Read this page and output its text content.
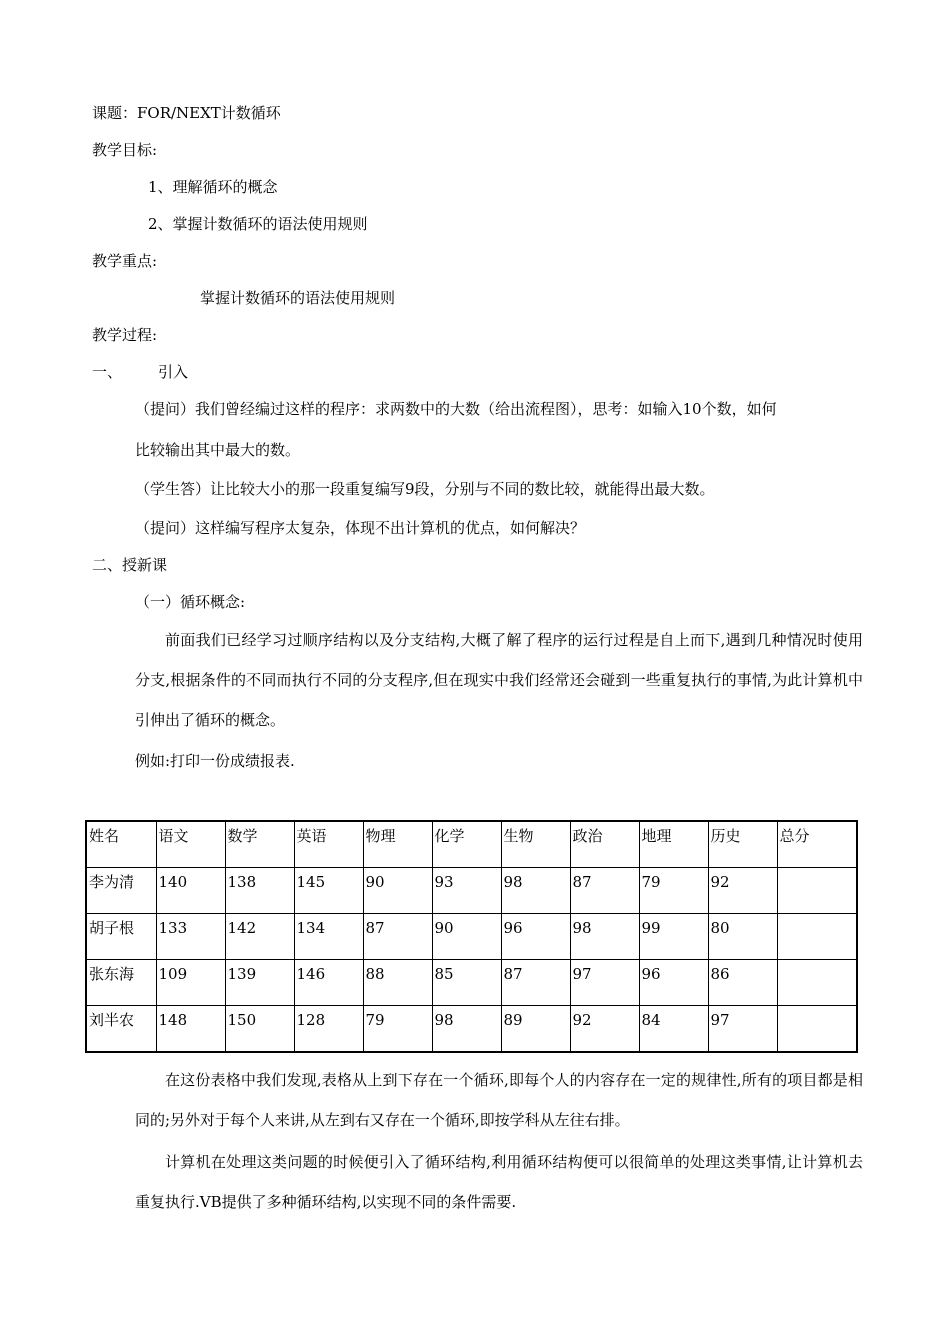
课题：FOR/NEXT计数循环
教学目标:
1、理解循环的概念
2、掌握计数循环的语法使用规则
教学重点:
掌握计数循环的语法使用规则
教学过程:
一、 引入
（提问）我们曾经编过这样的程序：求两数中的大数（给出流程图），思考：如输入10个数，如何
比较输出其中最大的数。
（学生答）让比较大小的那一段重复编写9段，分别与不同的数比较，就能得出最大数。
（提问）这样编写程序太复杂，体现不出计算机的优点，如何解决？
二、授新课
（一）循环概念:
前面我们已经学习过顺序结构以及分支结构,大概了解了程序的运行过程是自上而下,遇到几种情况时使用分支,根据条件的不同而执行不同的分支程序,但在现实中我们经常还会碰到一些重复执行的事情,为此计算机中引伸出了循环的概念。
例如:打印一份成绩报表.
姓名	语文	数学	英语	物理	化学	生物	政治	地理	历史	总分
李为清	140	138	145	90	93	98	87	79	92	
胡子根	133	142	134	87	90	96	98	99	80	
张东海	109	139	146	88	85	87	97	96	86	
刘半农	148	150	128	79	98	89	92	84	97	
在这份表格中我们发现,表格从上到下存在一个循环,即每个人的内容存在一定的规律性,所有的项目都是相同的;另外对于每个人来讲,从左到右又存在一个循环,即按学科从左往右排。
计算机在处理这类问题的时候便引入了循环结构,利用循环结构便可以很简单的处理这类事情,让计算机去重复执行.VB提供了多种循环结构,以实现不同的条件需要.
